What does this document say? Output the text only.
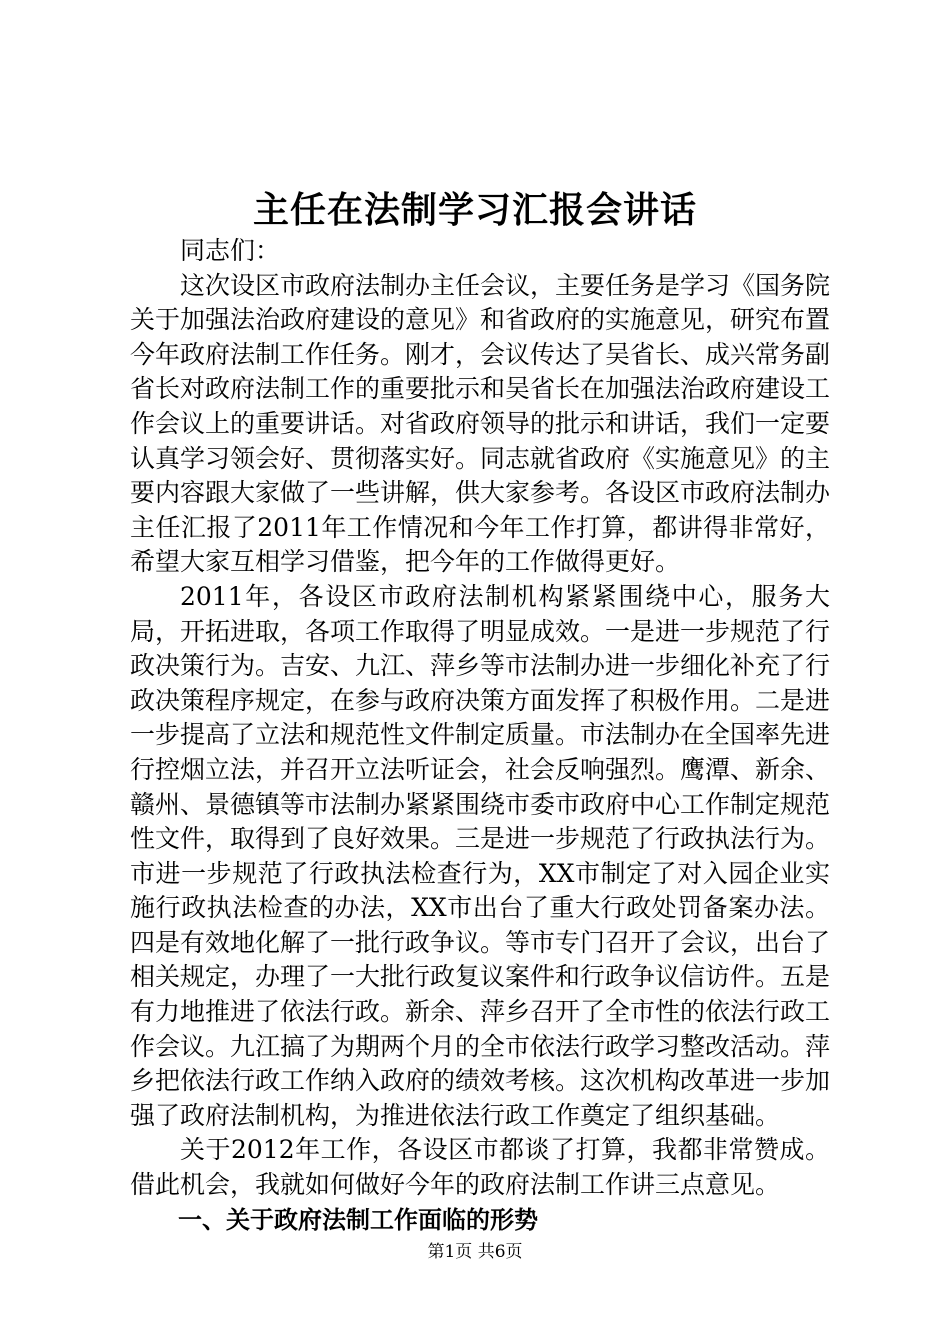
主任在法制学习汇报会讲话

同志们：

这次设区市政府法制办主任会议，主要任务是学习《国务院关于加强法治政府建设的意见》和省政府的实施意见，研究布置今年政府法制工作任务。刚才，会议传达了吴省长、成兴常务副省长对政府法制工作的重要批示和吴省长在加强法治政府建设工作会议上的重要讲话。对省政府领导的批示和讲话，我们一定要认真学习领会好、贯彻落实好。同志就省政府《实施意见》的主要内容跟大家做了一些讲解，供大家参考。各设区市政府法制办主任汇报了2011年工作情况和今年工作打算，都讲得非常好，希望大家互相学习借鉴，把今年的工作做得更好。

2011年，各设区市政府法制机构紧紧围绕中心，服务大局，开拓进取，各项工作取得了明显成效。一是进一步规范了行政决策行为。吉安、九江、萍乡等市法制办进一步细化补充了行政决策程序规定，在参与政府决策方面发挥了积极作用。二是进一步提高了立法和规范性文件制定质量。市法制办在全国率先进行控烟立法，并召开立法听证会，社会反响强烈。鹰潭、新余、赣州、景德镇等市法制办紧紧围绕市委市政府中心工作制定规范性文件，取得到了良好效果。三是进一步规范了行政执法行为。市进一步规范了行政执法检查行为，XX市制定了对入园企业实施行政执法检查的办法，XX市出台了重大行政处罚备案办法。四是有效地化解了一批行政争议。等市专门召开了会议，出台了相关规定，办理了一大批行政复议案件和行政争议信访件。五是有力地推进了依法行政。新余、萍乡召开了全市性的依法行政工作会议。九江搞了为期两个月的全市依法行政学习整改活动。萍乡把依法行政工作纳入政府的绩效考核。这次机构改革进一步加强了政府法制机构，为推进依法行政工作奠定了组织基础。

关于2012年工作，各设区市都谈了打算，我都非常赞成。借此机会，我就如何做好今年的政府法制工作讲三点意见。

一、关于政府法制工作面临的形势

第1页 共6页
